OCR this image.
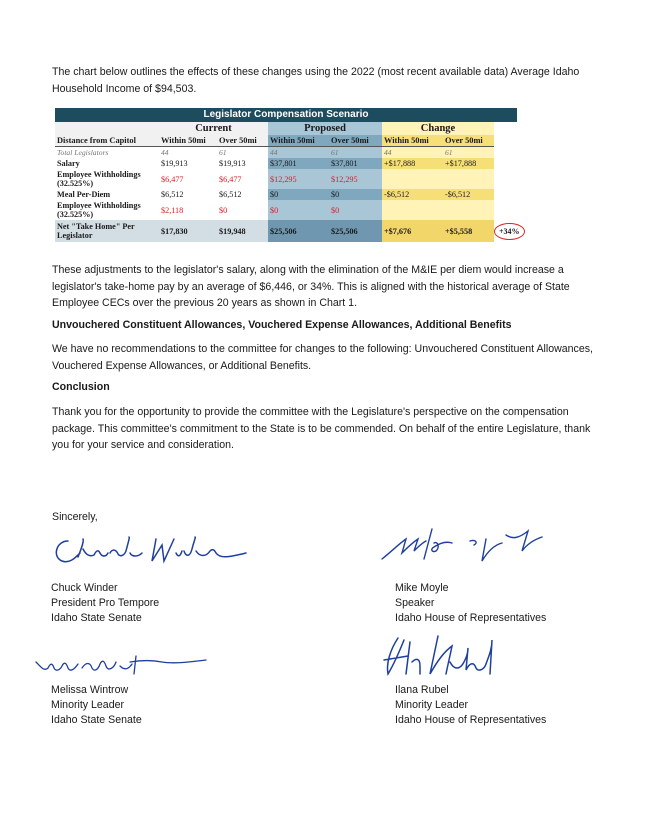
The chart below outlines the effects of these changes using the 2022 (most recent available data) Average Idaho Household Income of $94,503.

Legislator Compensation Scenario
	Current		Proposed		Change		
Distance from Capitol	Within 50mi	Over 50mi	Within 50mi	Over 50mi	Within 50mi	Over 50mi	
Total Legislators	44	61	44	61	44	61	
Salary	$19,913	$19,913	$37,801	$37,801	+$17,888	+$17,888	
Employee Withholdings (32.525%)	$6,477	$6,477	$12,295	$12,295			
Meal Per-Diem	$6,512	$6,512	$0	$0	-$6,512	-$6,512	
Employee Withholdings (32.525%)	$2,118	$0	$0	$0			
Net "Take Home" Per Legislator	$17,830	$19,948	$25,506	$25,506	+$7,676	+$5,558	+34%

These adjustments to the legislator's salary, along with the elimination of the M&IE per diem would increase a legislator's take-home pay by an average of $6,446, or 34%. This is aligned with the historical average of State Employee CECs over the previous 20 years as shown in Chart 1.

Unvouchered Constituent Allowances, Vouchered Expense Allowances, Additional Benefits

We have no recommendations to the committee for changes to the following: Unvouchered Constituent Allowances, Vouchered Expense Allowances, or Additional Benefits.

Conclusion

Thank you for the opportunity to provide the committee with the Legislature's perspective on the compensation package. This committee's commitment to the State is to be commended. On behalf of the entire Legislature, thank you for your service and consideration.

Sincerely,

Chuck Winder
President Pro Tempore
Idaho State Senate

Mike Moyle
Speaker
Idaho House of Representatives

Melissa Wintrow
Minority Leader
Idaho State Senate

Ilana Rubel
Minority Leader
Idaho House of Representatives
